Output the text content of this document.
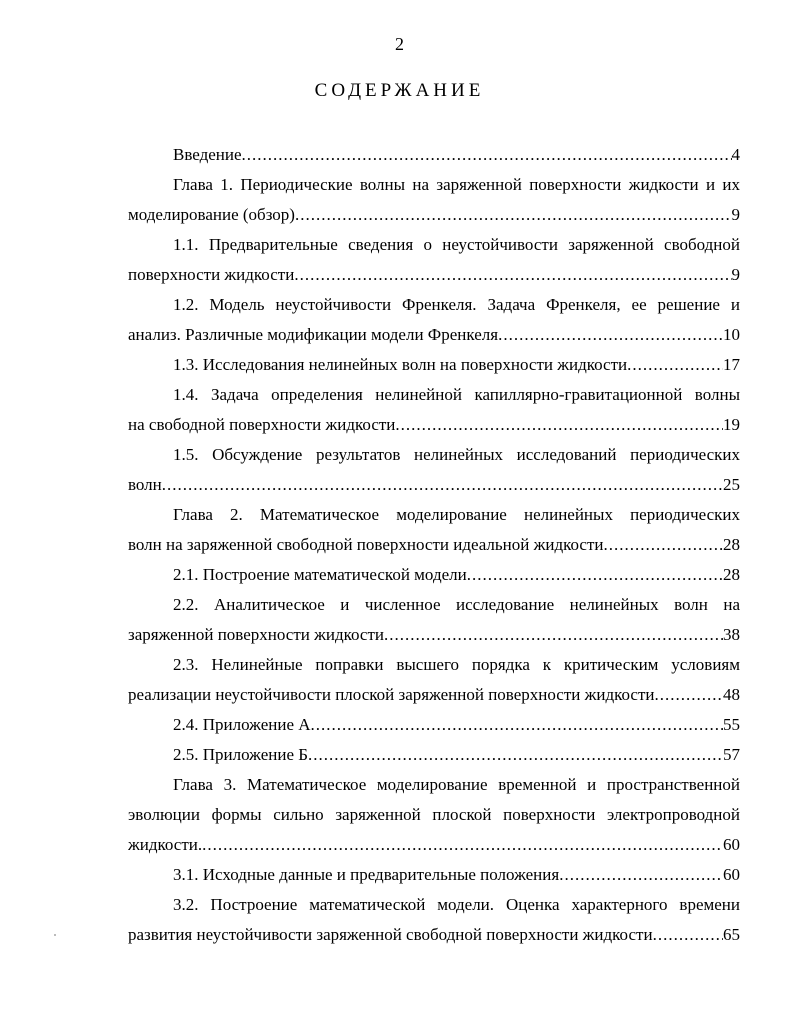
2
СОДЕРЖАНИЕ
Введение .....	4
Глава 1. Периодические волны на заряженной поверхности жидкости и их
моделирование (обзор) .....	9
1.1. Предварительные сведения о неустойчивости заряженной свободной
поверхности жидкости .....	9
1.2. Модель неустойчивости Френкеля. Задача Френкеля, ее решение и
анализ. Различные модификации модели Френкеля .....	10
1.3. Исследования нелинейных волн на поверхности жидкости .....	17
1.4. Задача определения нелинейной капиллярно-гравитационной волны
на свободной поверхности жидкости .....	19
1.5. Обсуждение результатов нелинейных исследований периодических
волн .....	25
Глава 2. Математическое моделирование нелинейных периодических
волн на заряженной свободной поверхности идеальной жидкости .....	28
2.1. Построение математической модели .....	28
2.2. Аналитическое и численное исследование нелинейных волн на
заряженной поверхности жидкости .....	38
2.3. Нелинейные поправки высшего порядка к критическим условиям
реализации неустойчивости плоской заряженной поверхности жидкости .....	48
2.4. Приложение А .....	55
2.5. Приложение Б .....	57
Глава 3. Математическое моделирование временной и пространственной
эволюции формы сильно заряженной плоской поверхности электропроводной
жидкости. .....	60
3.1. Исходные данные и предварительные положения .....	60
3.2. Построение математической модели. Оценка характерного времени
развития неустойчивости заряженной свободной поверхности жидкости .....	65
